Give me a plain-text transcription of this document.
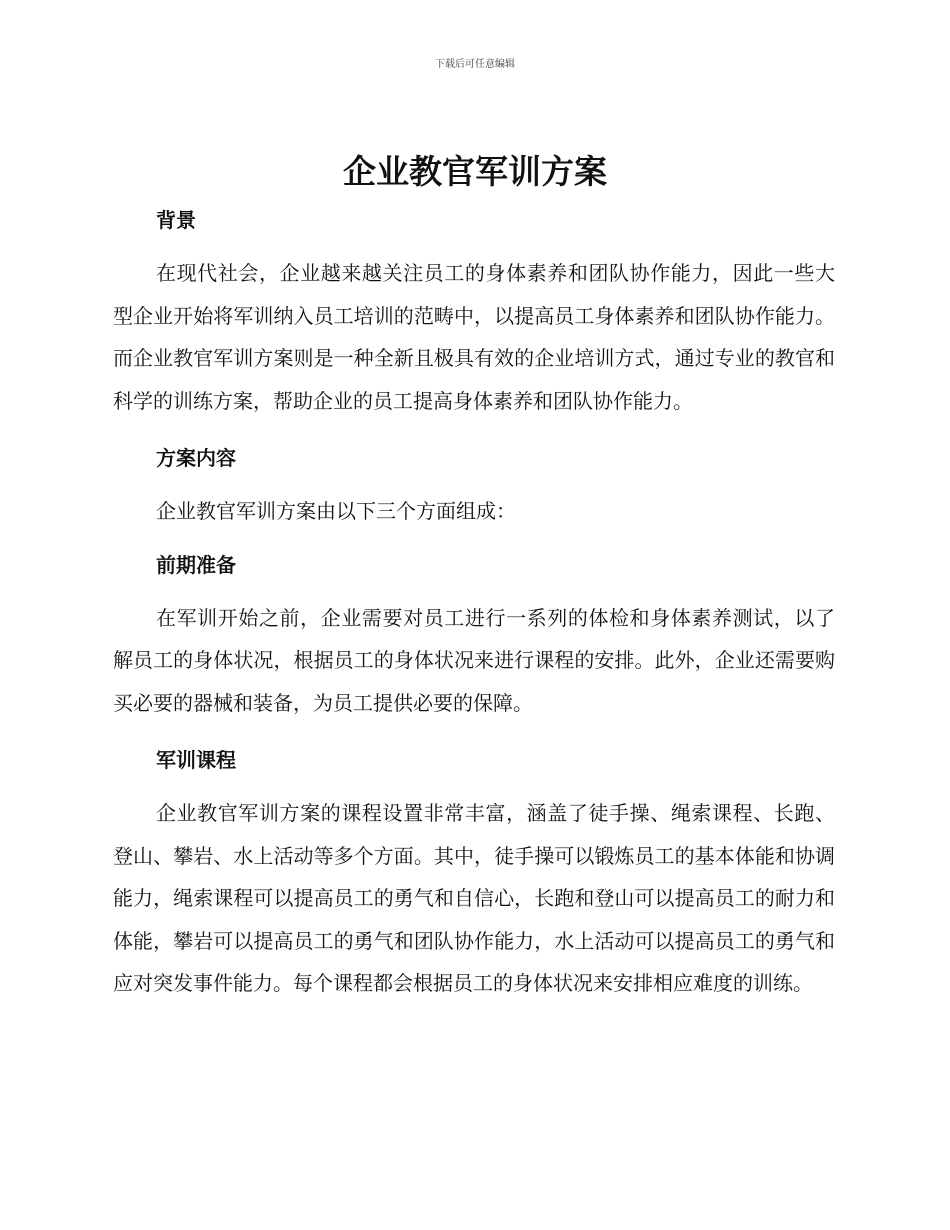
下载后可任意编辑
企业教官军训方案
背景

在现代社会，企业越来越关注员工的身体素养和团队协作能力，因此一些大型企业开始将军训纳入员工培训的范畴中，以提高员工身体素养和团队协作能力。而企业教官军训方案则是一种全新且极具有效的企业培训方式，通过专业的教官和科学的训练方案，帮助企业的员工提高身体素养和团队协作能力。

方案内容

企业教官军训方案由以下三个方面组成：

前期准备

在军训开始之前，企业需要对员工进行一系列的体检和身体素养测试，以了解员工的身体状况，根据员工的身体状况来进行课程的安排。此外，企业还需要购买必要的器械和装备，为员工提供必要的保障。

军训课程

企业教官军训方案的课程设置非常丰富，涵盖了徒手操、绳索课程、长跑、登山、攀岩、水上活动等多个方面。其中，徒手操可以锻炼员工的基本体能和协调能力，绳索课程可以提高员工的勇气和自信心，长跑和登山可以提高员工的耐力和体能，攀岩可以提高员工的勇气和团队协作能力，水上活动可以提高员工的勇气和应对突发事件能力。每个课程都会根据员工的身体状况来安排相应难度的训练。
